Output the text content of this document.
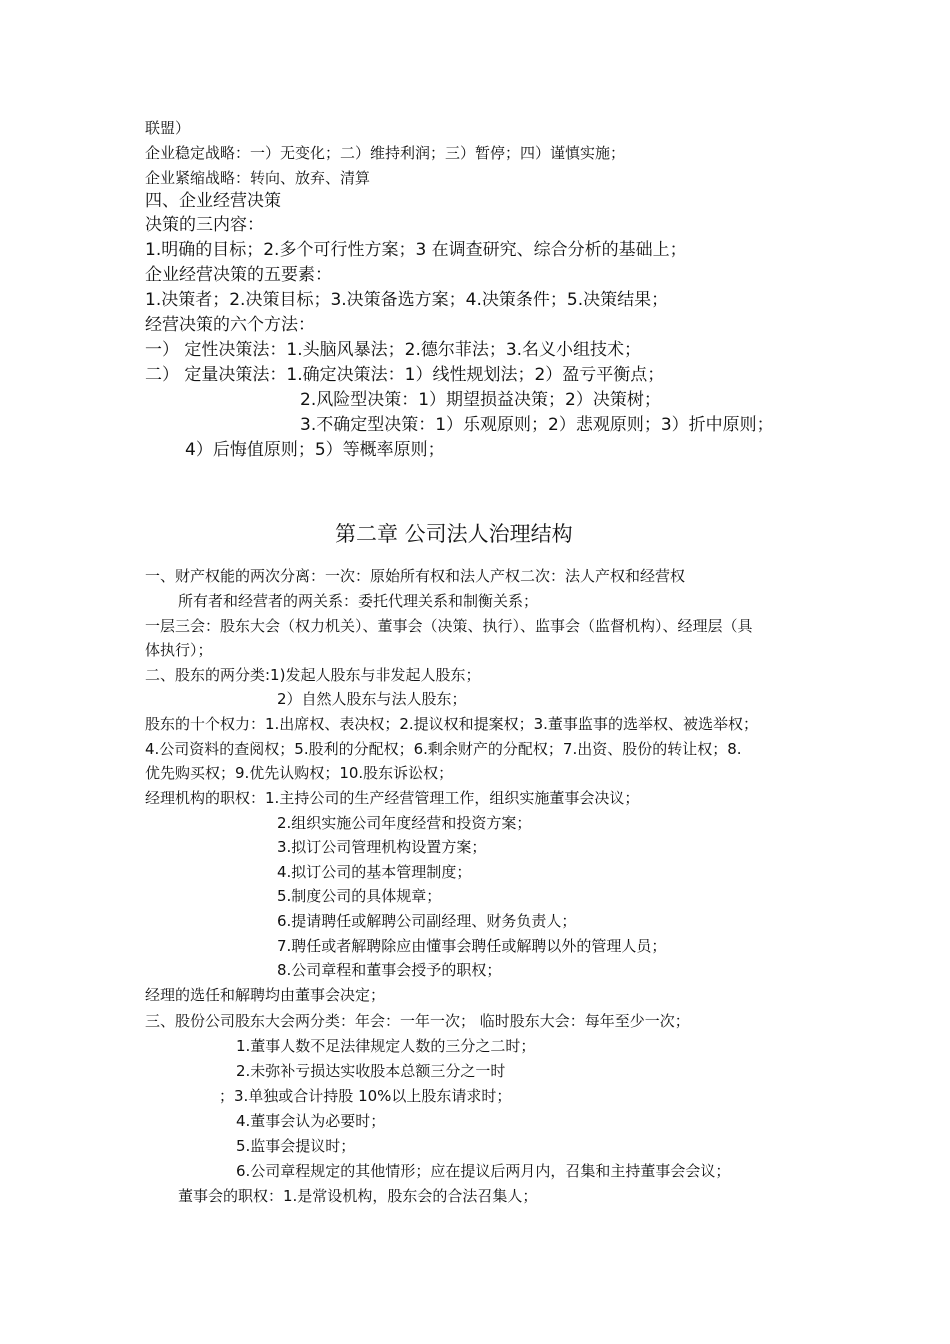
联盟）
企业稳定战略：一）无变化；二）维持利润；三）暂停；四）谨慎实施；
企业紧缩战略：转向、放弃、清算
四、企业经营决策
决策的三内容：
1.明确的目标；2.多个可行性方案；3 在调查研究、综合分析的基础上；
企业经营决策的五要素：
1.决策者；2.决策目标；3.决策备选方案；4.决策条件；5.决策结果；
经营决策的六个方法：
一） 定性决策法：1.头脑风暴法；2.德尔菲法；3.名义小组技术；
二） 定量决策法：1.确定决策法：1）线性规划法；2）盈亏平衡点；
2.风险型决策：1）期望损益决策；2）决策树；
3.不确定型决策：1）乐观原则；2）悲观原则；3）折中原则；
4）后悔值原则；5）等概率原则；
第二章 公司法人治理结构
一、财产权能的两次分离：一次：原始所有权和法人产权二次：法人产权和经营权
所有者和经营者的两关系：委托代理关系和制衡关系；
一层三会：股东大会（权力机关）、董事会（决策、执行）、监事会（监督机构）、经理层（具
体执行）；
二、股东的两分类:1)发起人股东与非发起人股东；
2）自然人股东与法人股东；
股东的十个权力：1.出席权、表决权；2.提议权和提案权；3.董事监事的选举权、被选举权；
4.公司资料的查阅权；5.股利的分配权；6.剩余财产的分配权；7.出资、股份的转让权；8.
优先购买权；9.优先认购权；10.股东诉讼权；
经理机构的职权：1.主持公司的生产经营管理工作，组织实施董事会决议；
2.组织实施公司年度经营和投资方案；
3.拟订公司管理机构设置方案；
4.拟订公司的基本管理制度；
5.制度公司的具体规章；
6.提请聘任或解聘公司副经理、财务负责人；
7.聘任或者解聘除应由懂事会聘任或解聘以外的管理人员；
8.公司章程和董事会授予的职权；
经理的选任和解聘均由董事会决定；
三、股份公司股东大会两分类：年会：一年一次； 临时股东大会：每年至少一次；
1.董事人数不足法律规定人数的三分之二时；
2.未弥补亏损达实收股本总额三分之一时
；3.单独或合计持股 10%以上股东请求时；
4.董事会认为必要时；
5.监事会提议时；
6.公司章程规定的其他情形；应在提议后两月内，召集和主持董事会会议；
董事会的职权：1.是常设机构，股东会的合法召集人；
